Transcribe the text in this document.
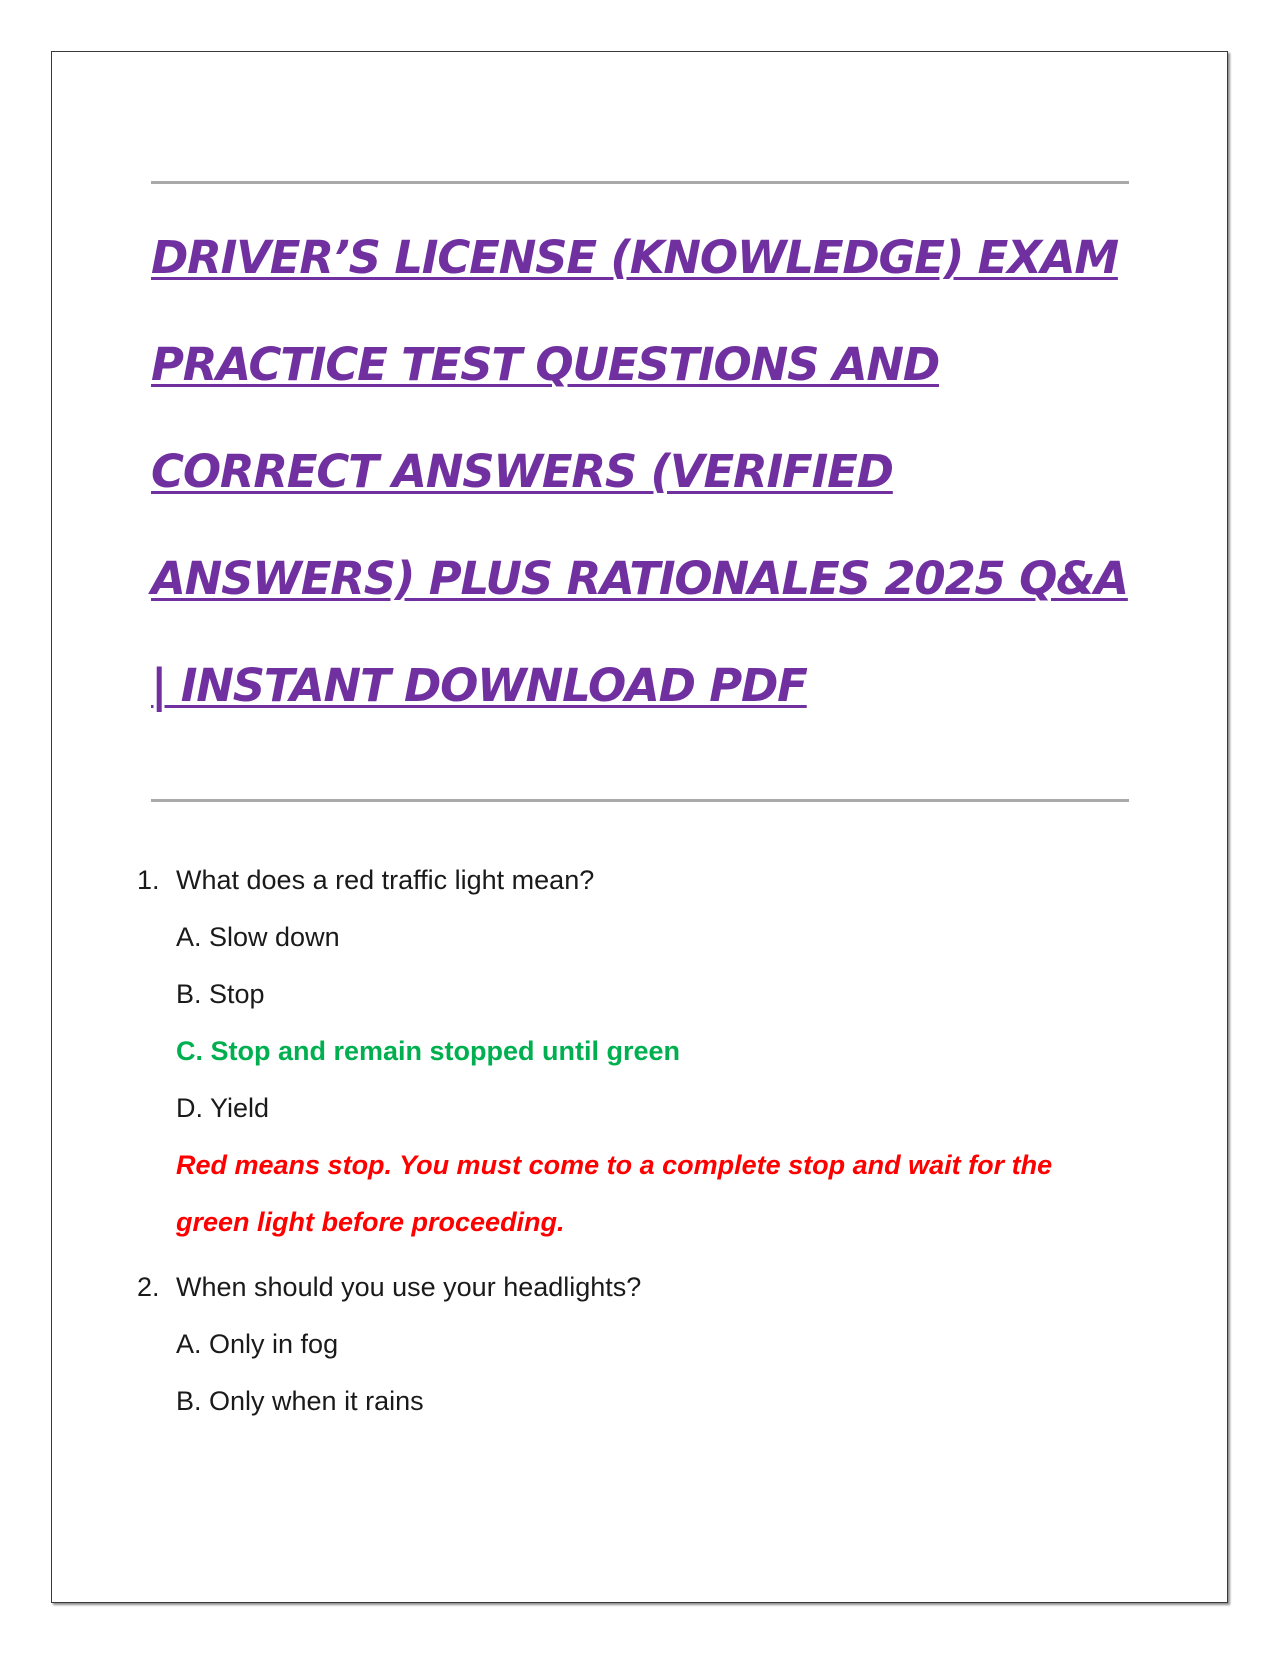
DRIVER’S LICENSE (KNOWLEDGE) EXAM
PRACTICE TEST QUESTIONS AND
CORRECT ANSWERS (VERIFIED
ANSWERS) PLUS RATIONALES 2025 Q&A
| INSTANT DOWNLOAD PDF
1. What does a red traffic light mean?
A. Slow down
B. Stop
C. Stop and remain stopped until green
D. Yield
Red means stop. You must come to a complete stop and wait for the green light before proceeding.
2. When should you use your headlights?
A. Only in fog
B. Only when it rains
